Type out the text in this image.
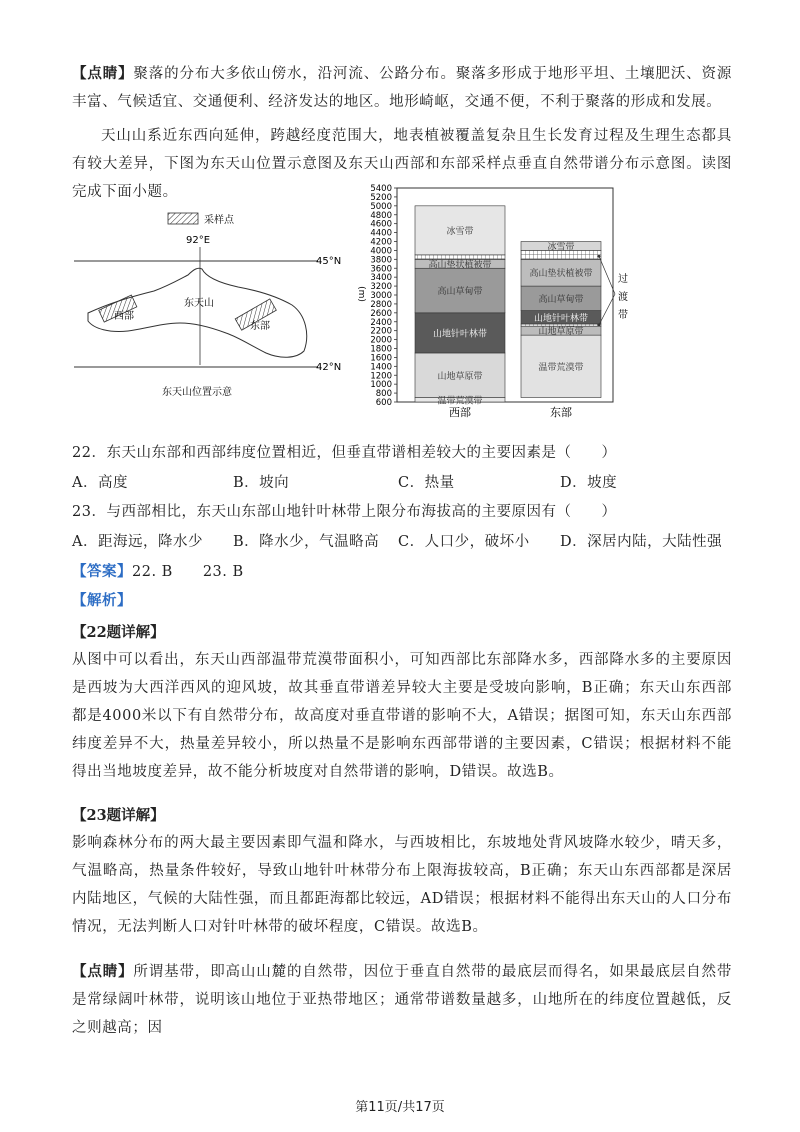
【点睛】聚落的分布大多依山傍水，沿河流、公路分布。聚落多形成于地形平坦、土壤肥沃、资源丰富、气候适宜、交通便利、经济发达的地区。地形崎岖，交通不便，不利于聚落的形成和发展。
天山山系近东西向延伸，跨越经度范围大，地表植被覆盖复杂且生长发育过程及生理生态都具有较大差异，下图为东天山位置示意图及东天山西部和东部采样点垂直自然带谱分布示意图。读图完成下面小题。
采样点
92°E
45°N
42°N
东天山
西部
东部
东天山位置示意
600
800
1000
1200
1400
1600
1800
2000
2200
2400
2600
2800
3000
3200
3400
3600
3800
4000
4200
4400
4600
4800
5000
5200
5400
(m)
温带荒漠带
山地草原带
山地针叶林带
高山草甸带
高山垫状植被带
冰雪带
西部
温带荒漠带
山地草原带
山地针叶林带
高山草甸带
高山垫状植被带
冰雪带
东部
过
渡
带
22．东天山东部和西部纬度位置相近，但垂直带谱相差较大的主要因素是（　　）
A．高度	B．坡向	C．热量	D．坡度
23．与西部相比，东天山东部山地针叶林带上限分布海拔高的主要原因有（　　）
A．距海远，降水少 B．降水少，气温略高 C．人口少，破坏小 D．深居内陆，大陆性强
【答案】22. B　　23. B
【解析】
【22题详解】
从图中可以看出，东天山西部温带荒漠带面积小，可知西部比东部降水多，西部降水多的主要原因是西坡为大西洋西风的迎风坡，故其垂直带谱差异较大主要是受坡向影响，B正确；东天山东西部都是4000米以下有自然带分布，故高度对垂直带谱的影响不大，A错误；据图可知，东天山东西部纬度差异不大，热量差异较小，所以热量不是影响东西部带谱的主要因素，C错误；根据材料不能得出当地坡度差异，故不能分析坡度对自然带谱的影响，D错误。故选B。
【23题详解】
影响森林分布的两大最主要因素即气温和降水，与西坡相比，东坡地处背风坡降水较少，晴天多，气温略高，热量条件较好，导致山地针叶林带分布上限海拔较高，B正确；东天山东西部都是深居内陆地区，气候的大陆性强，而且都距海都比较远，AD错误；根据材料不能得出东天山的人口分布情况，无法判断人口对针叶林带的破坏程度，C错误。故选B。
【点睛】所谓基带，即高山山麓的自然带，因位于垂直自然带的最底层而得名，如果最底层自然带是常绿阔叶林带，说明该山地位于亚热带地区；通常带谱数量越多，山地所在的纬度位置越低，反之则越高；因
第11页/共17页
